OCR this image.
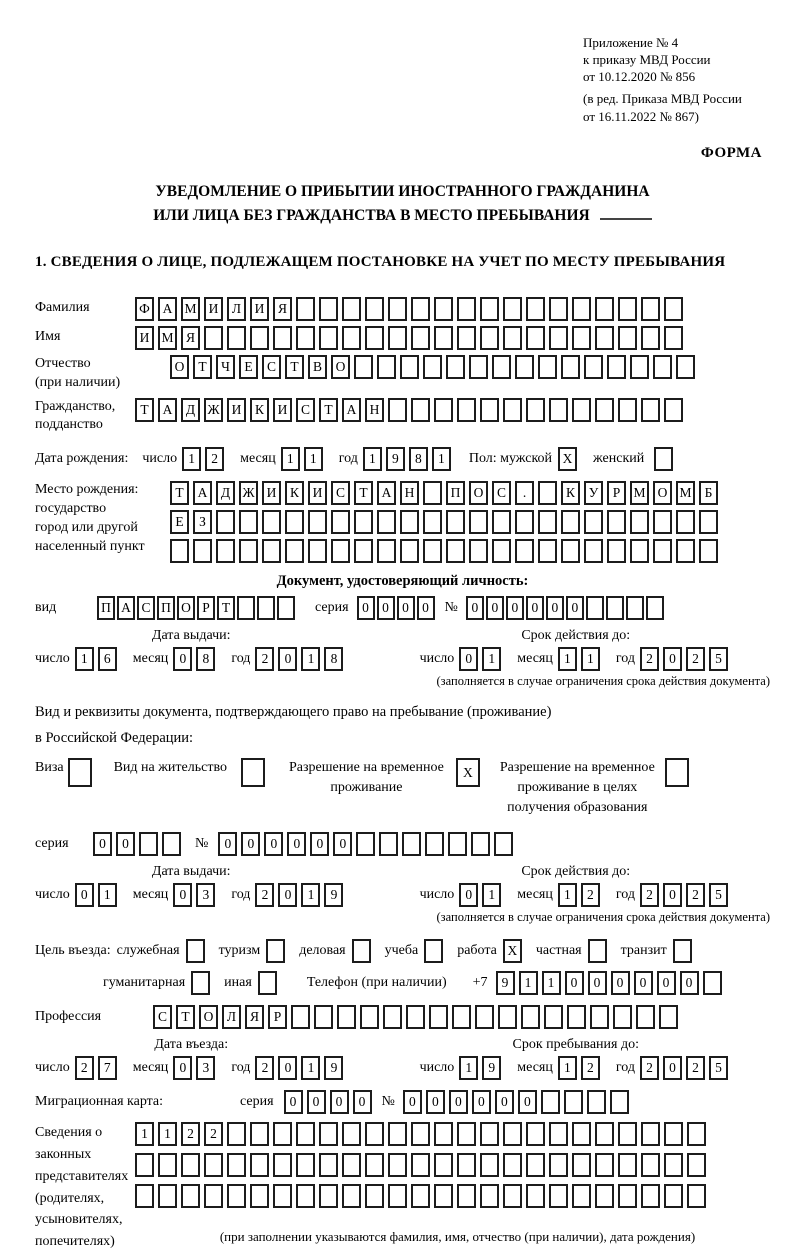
Приложение № 4
к приказу МВД России
от 10.12.2020 № 856
(в ред. Приказа МВД России
от 16.11.2022 № 867)
ФОРМА
УВЕДОМЛЕНИЕ О ПРИБЫТИИ ИНОСТРАННОГО ГРАЖДАНИНА
ИЛИ ЛИЦА БЕЗ ГРАЖДАНСТВА В МЕСТО ПРЕБЫВАНИЯ
1. СВЕДЕНИЯ О ЛИЦЕ, ПОДЛЕЖАЩЕМ ПОСТАНОВКЕ НА УЧЕТ ПО МЕСТУ ПРЕБЫВАНИЯ
Фамилия	Ф А М И	Л	И	Я
Имя	И М Я
Отчество
(при наличии)
О	Т	Ч	Е	С	Т	В	О
Гражданство,
подданство
Т	А	Д Ж И	К	И	С	Т	А Н
Дата рождения: число 1	2	месяц 1	1	год 1	9	8	1	Пол: мужской X	женский
Место рождения:
государство
город или другой
населенный пункт
Т	А	Д Ж И	К	И	С	Т	А Н	П О	С	.	К	У	Р М О М Б
Е	З
Документ, удостоверяющий личность:
вид	П А С П О Р Т	серия	0 0 0 0	№	0 0 0 0 0 0
Дата выдачи:
число 1	6	месяц 0	8	год 2	0	1	8
Срок действия до:
число 0	1	месяц 1	1	год 2	0	2	5
(заполняется в случае ограничения срока действия документа)
Вид и реквизиты документа, подтверждающего право на пребывание (проживание)
в Российской Федерации:
Виза	Вид на жительство	Разрешение на временное
проживание
X	Разрешение на временное
проживание в целях
получения образования
серия	0	0	№	0	0	0	0	0	0
Дата выдачи:
число 0	1	месяц 0	3	год 2	0	1	9
Срок действия до:
число 0	1	месяц 1	2	год 2	0	2	5
(заполняется в случае ограничения срока действия документа)
Цель въезда: служебная	туризм	деловая	учеба	работа X	частная	транзит
гуманитарная	иная	Телефон (при наличии) +7	9	1	1	0	0	0	0	0	0
Профессия	С	Т	О	Л	Я	Р
Дата въезда:
число 2	7	месяц 0	3	год 2	0	1	9
Срок пребывания до:
число 1	9	месяц 1	2	год 2	0	2	5
Миграционная карта:	серия	0	0	0	0	№	0	0	0	0	0	0
Сведения о
законных
представителях
(родителях,
усыновителях,
попечителях)
1	1	2	2
(при заполнении указываются фамилия, имя, отчество (при наличии), дата рождения)
